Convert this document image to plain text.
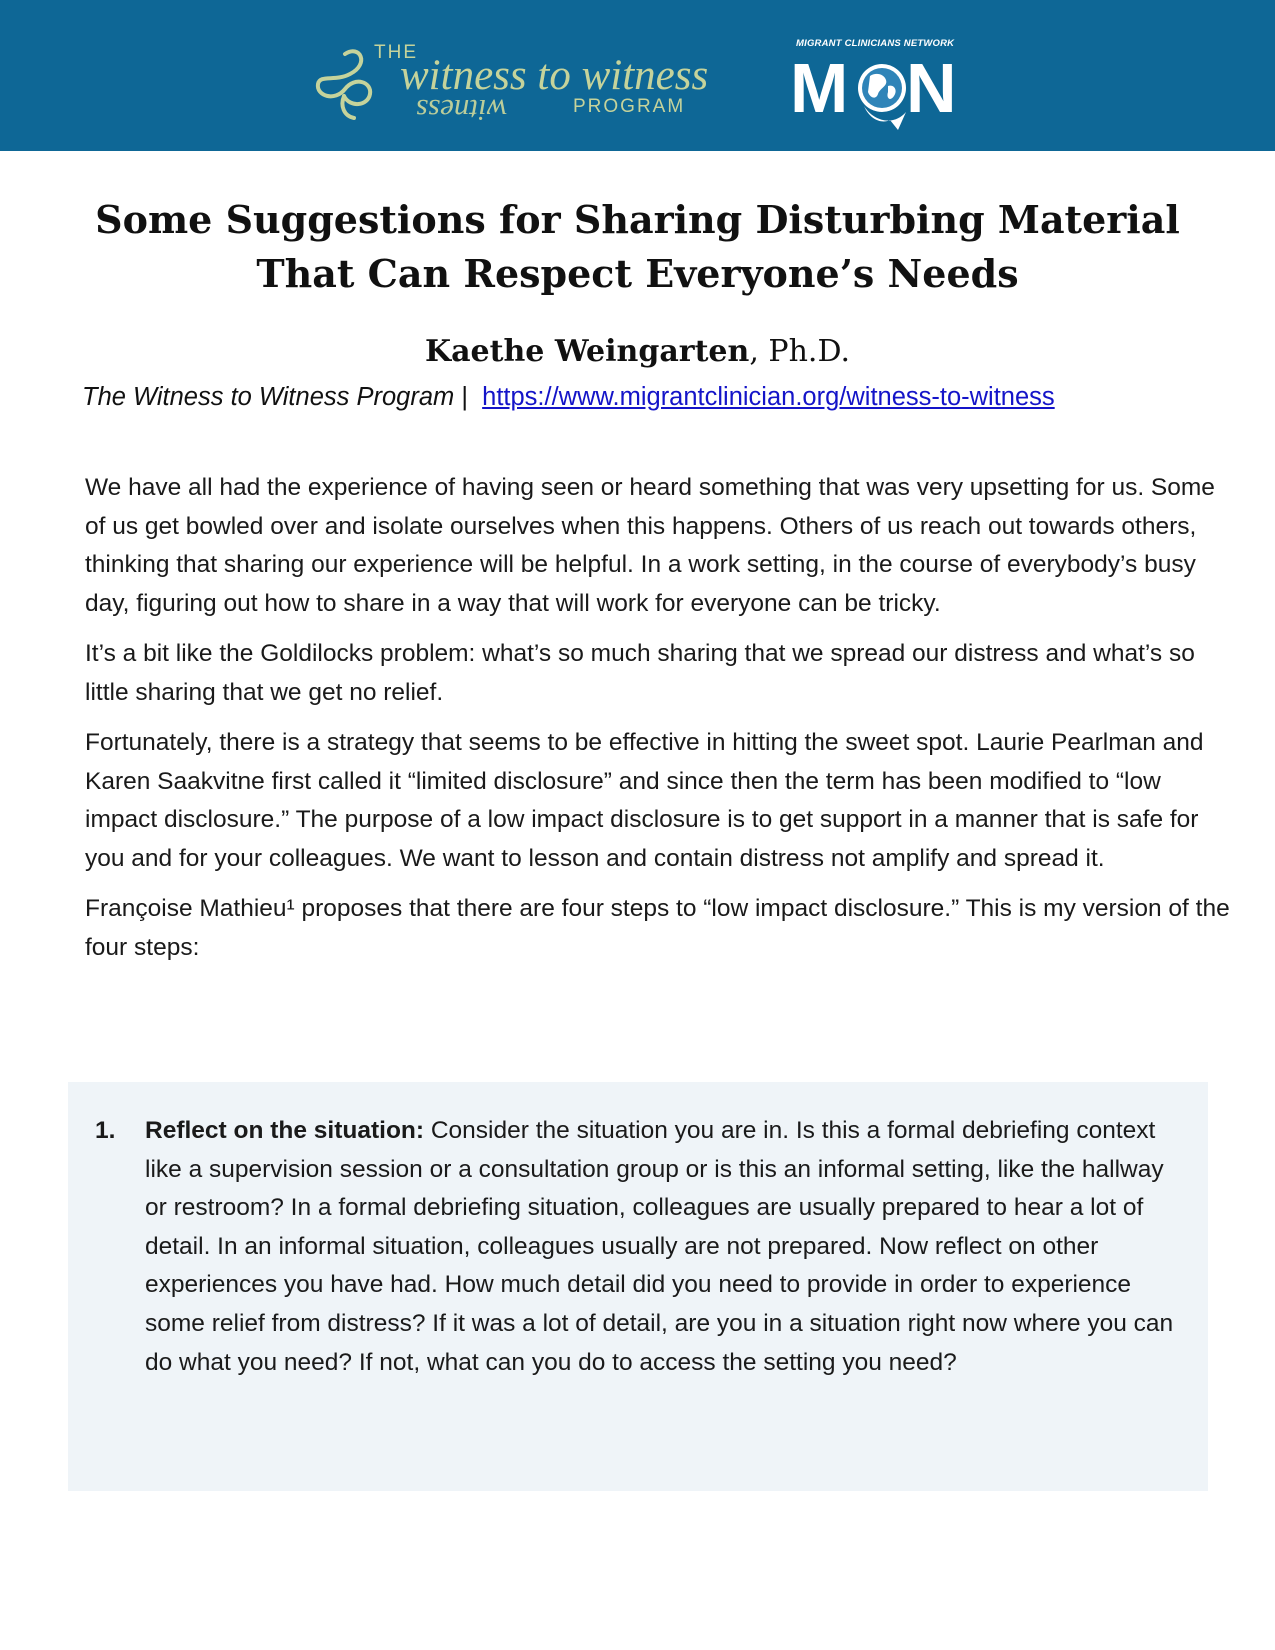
THE
witness to witness
witness	PROGRAM
MIGRANT CLINICIANS NETWORK
M N
Some Suggestions for Sharing Disturbing Material
That Can Respect Everyone’s Needs
Kaethe Weingarten, Ph.D.
The Witness to Witness Program |  https://www.migrantclinician.org/witness-to-witness

We have all had the experience of having seen or heard something that was very upsetting for us. Some of us get bowled over and isolate ourselves when this happens. Others of us reach out towards others, thinking that sharing our experience will be helpful. In a work setting, in the course of everybody’s busy day, figuring out how to share in a way that will work for everyone can be tricky.

It’s a bit like the Goldilocks problem: what’s so much sharing that we spread our distress and what’s so little sharing that we get no relief.

Fortunately, there is a strategy that seems to be effective in hitting the sweet spot. Laurie Pearlman and Karen Saakvitne first called it “limited disclosure” and since then the term has been modified to “low impact disclosure.” The purpose of a low impact disclosure is to get support in a manner that is safe for you and for your colleagues. We want to lesson and contain distress not amplify and spread it.

Françoise Mathieu¹ proposes that there are four steps to “low impact disclosure.” This is my version of the four steps:

1. Reflect on the situation: Consider the situation you are in. Is this a formal debriefing context like a supervision session or a consultation group or is this an informal setting, like the hallway or restroom? In a formal debriefing situation, colleagues are usually prepared to hear a lot of detail. In an informal situation, colleagues usually are not prepared. Now reflect on other experiences you have had. How much detail did you need to provide in order to experience some relief from distress? If it was a lot of detail, are you in a situation right now where you can do what you need? If not, what can you do to access the setting you need?
